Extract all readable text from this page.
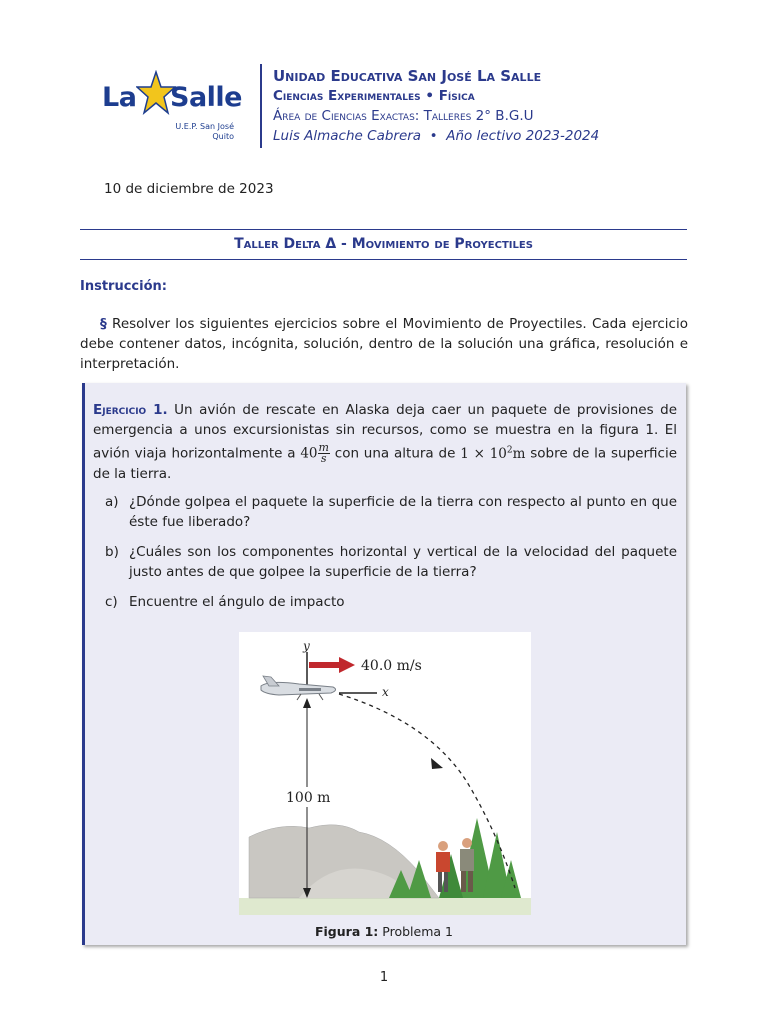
La Salle
U.E.P. San José
Quito
Unidad Educativa San José La Salle
Ciencias Experimentales • Física
Área de Ciencias Exactas: Talleres 2° B.G.U
Luis Almache Cabrera  •  Año lectivo 2023-2024
10 de diciembre de 2023
Taller Delta Δ - Movimiento de Proyectiles
Instrucción:
§ Resolver los siguientes ejercicios sobre el Movimiento de Proyectiles. Cada ejercicio debe contener datos, incógnita, solución, dentro de la solución una gráfica, resolución e interpretación.
Ejercicio 1. Un avión de rescate en Alaska deja caer un paquete de provisiones de emergencia a unos excursionistas sin recursos, como se muestra en la figura 1. El avión viaja horizontalmente a $40 \frac{m}{s}$ con una altura de $1 \times 10^2m$ sobre de la superficie de la tierra.
a) ¿Dónde golpea el paquete la superficie de la tierra con respecto al punto en que éste fue liberado?
b) ¿Cuáles son los componentes horizontal y vertical de la velocidad del paquete justo antes de que golpee la superficie de la tierra?
c) Encuentre el ángulo de impacto
y
x
40.0 m/s
100 m
Figura 1: Problema 1
1
